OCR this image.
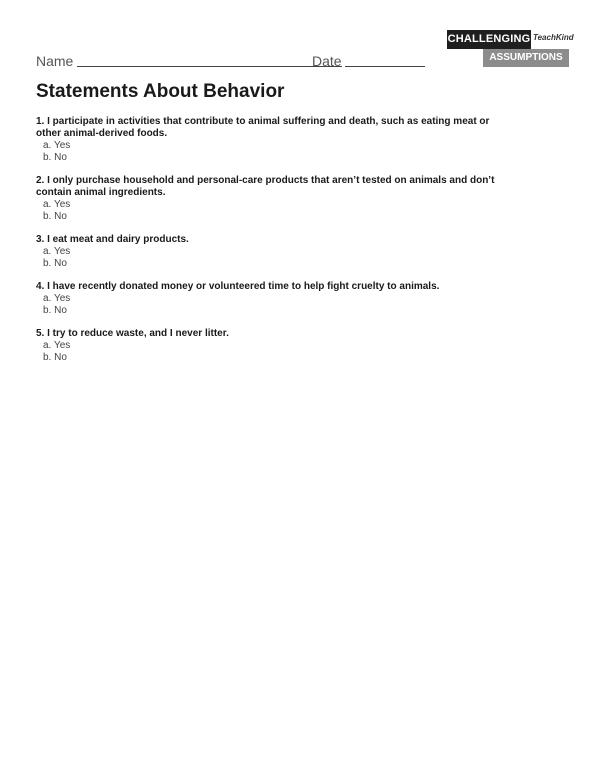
Name	Date
CHALLENGING TeachKind
ASSUMPTIONS
Statements About Behavior
1. I participate in activities that contribute to animal suffering and death, such as eating meat or other animal-derived foods.
a. Yes
b. No
2. I only purchase household and personal-care products that aren’t tested on animals and don’t contain animal ingredients.
a. Yes
b. No
3. I eat meat and dairy products.
a. Yes
b. No
4. I have recently donated money or volunteered time to help fight cruelty to animals.
a. Yes
b. No
5. I try to reduce waste, and I never litter.
a. Yes
b. No
